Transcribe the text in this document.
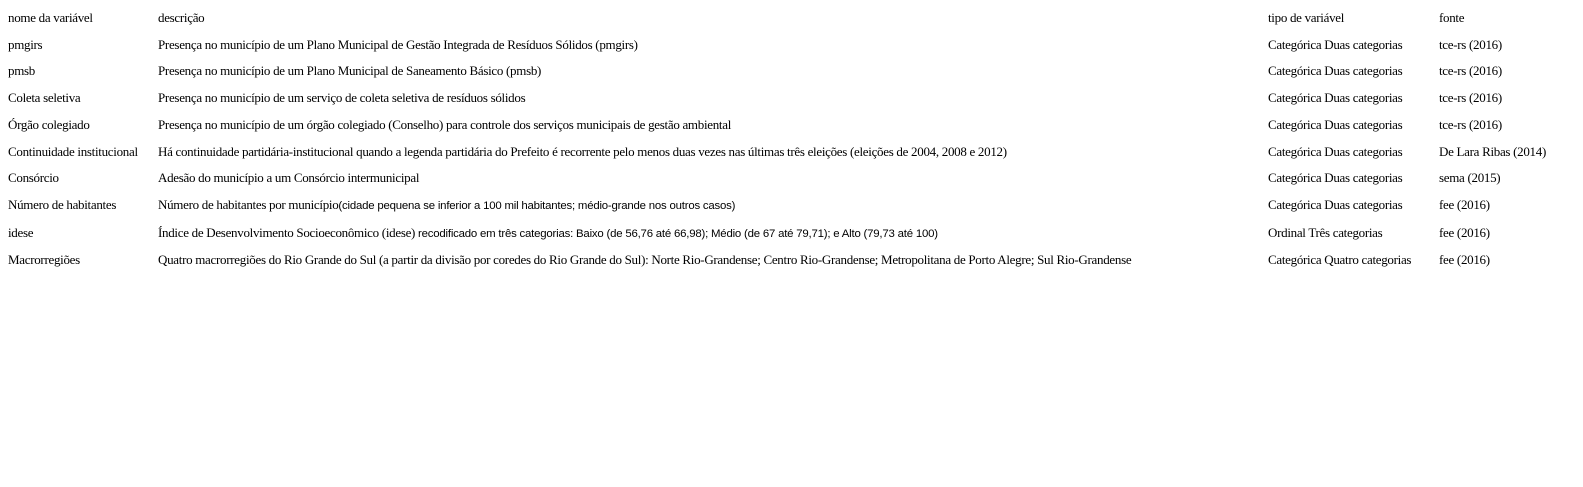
nome da variável	descrição	tipo de variável	fonte
pmgirs	Presença no município de um Plano Municipal de Gestão Integrada de Resíduos Sólidos (pmgirs)	Categórica Duas categorias	tce-rs (2016)
pmsb	Presença no município de um Plano Municipal de Saneamento Básico (pmsb)	Categórica Duas categorias	tce-rs (2016)
Coleta seletiva	Presença no município de um serviço de coleta seletiva de resíduos sólidos	Categórica Duas categorias	tce-rs (2016)
Órgão colegiado	Presença no município de um órgão colegiado (Conselho) para controle dos serviços municipais de gestão ambiental	Categórica Duas categorias	tce-rs (2016)
Continuidade institucional	Há continuidade partidária-institucional quando a legenda partidária do Prefeito é recorrente pelo menos duas vezes nas últimas três eleições (eleições de 2004, 2008 e 2012)	Categórica Duas categorias	De Lara Ribas (2014)
Consórcio	Adesão do município a um Consórcio intermunicipal	Categórica Duas categorias	sema (2015)
Número de habitantes	Número de habitantes por município(cidade pequena se inferior a 100 mil habitantes; médio-grande nos outros casos)	Categórica Duas categorias	fee (2016)
idese	Índice de Desenvolvimento Socioeconômico (idese) recodificado em três categorias: Baixo (de 56,76 até 66,98); Médio (de 67 até 79,71); e Alto (79,73 até 100)	Ordinal Três categorias	fee (2016)
Macrorregiões	Quatro macrorregiões do Rio Grande do Sul (a partir da divisão por coredes do Rio Grande do Sul): Norte Rio-Grandense; Centro Rio-Grandense; Metropolitana de Porto Alegre; Sul Rio-Grandense	Categórica Quatro categorias	fee (2016)
